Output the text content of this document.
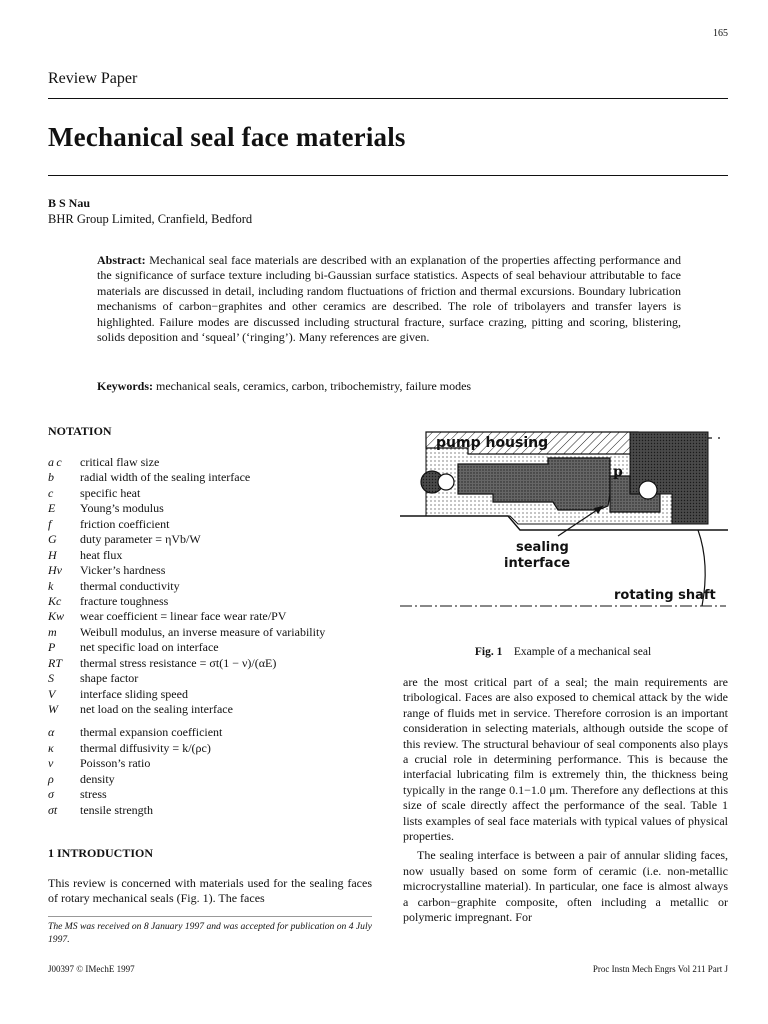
165
Review Paper
Mechanical seal face materials
B S Nau
BHR Group Limited, Cranfield, Bedford
Abstract: Mechanical seal face materials are described with an explanation of the properties affecting performance and the significance of surface texture including bi-Gaussian surface statistics. Aspects of seal behaviour attributable to face materials are discussed in detail, including random fluctuations of friction and thermal excursions. Boundary lubrication mechanisms of carbon−graphites and other ceramics are described. The role of tribolayers and transfer layers is highlighted. Failure modes are discussed including structural fracture, surface crazing, pitting and scoring, blistering, solids deposition and ‘squeal’ (‘ringing’). Many references are given.
Keywords: mechanical seals, ceramics, carbon, tribochemistry, failure modes
NOTATION
a c	critical flaw size
b	radial width of the sealing interface
c	specific heat
E	Young’s modulus
f	friction coefficient
G	duty parameter = ηVb/W
H	heat flux
Hv	Vicker’s hardness
k	thermal conductivity
Kc	fracture toughness
Kw	wear coefficient = linear face wear rate/PV
m	Weibull modulus, an inverse measure of variability
P	net specific load on interface
RT	thermal stress resistance = σt(1 − ν)/(αE)
S	shape factor
V	interface sliding speed
W	net load on the sealing interface
α	thermal expansion coefficient
κ	thermal diffusivity = k/(ρc)
ν	Poisson’s ratio
ρ	density
σ	stress
σt	tensile strength
1 INTRODUCTION
This review is concerned with materials used for the sealing faces of rotary mechanical seals (Fig. 1). The faces
The MS was received on 8 January 1997 and was accepted for publication on 4 July 1997.
J00397 © IMechE 1997	Proc Instn Mech Engrs Vol 211 Part J
pump housing
p
sealing
interface
rotating shaft
Fig. 1 Example of a mechanical seal

are the most critical part of a seal; the main requirements are tribological. Faces are also exposed to chemical attack by the wide range of fluids met in service. Therefore corrosion is an important consideration in selecting materials, although outside the scope of this review. The structural behaviour of seal components also plays a crucial role in determining performance. This is because the interfacial lubricating film is extremely thin, the thickness being typically in the range 0.1−1.0 μm. Therefore any deflections at this size of scale directly affect the performance of the seal. Table 1 lists examples of seal face materials with typical values of physical properties.

The sealing interface is between a pair of annular sliding faces, now usually based on some form of ceramic (i.e. non-metallic microcrystalline material). In particular, one face is almost always a carbon−graphite composite, often including a metallic or polymeric impregnant. For
